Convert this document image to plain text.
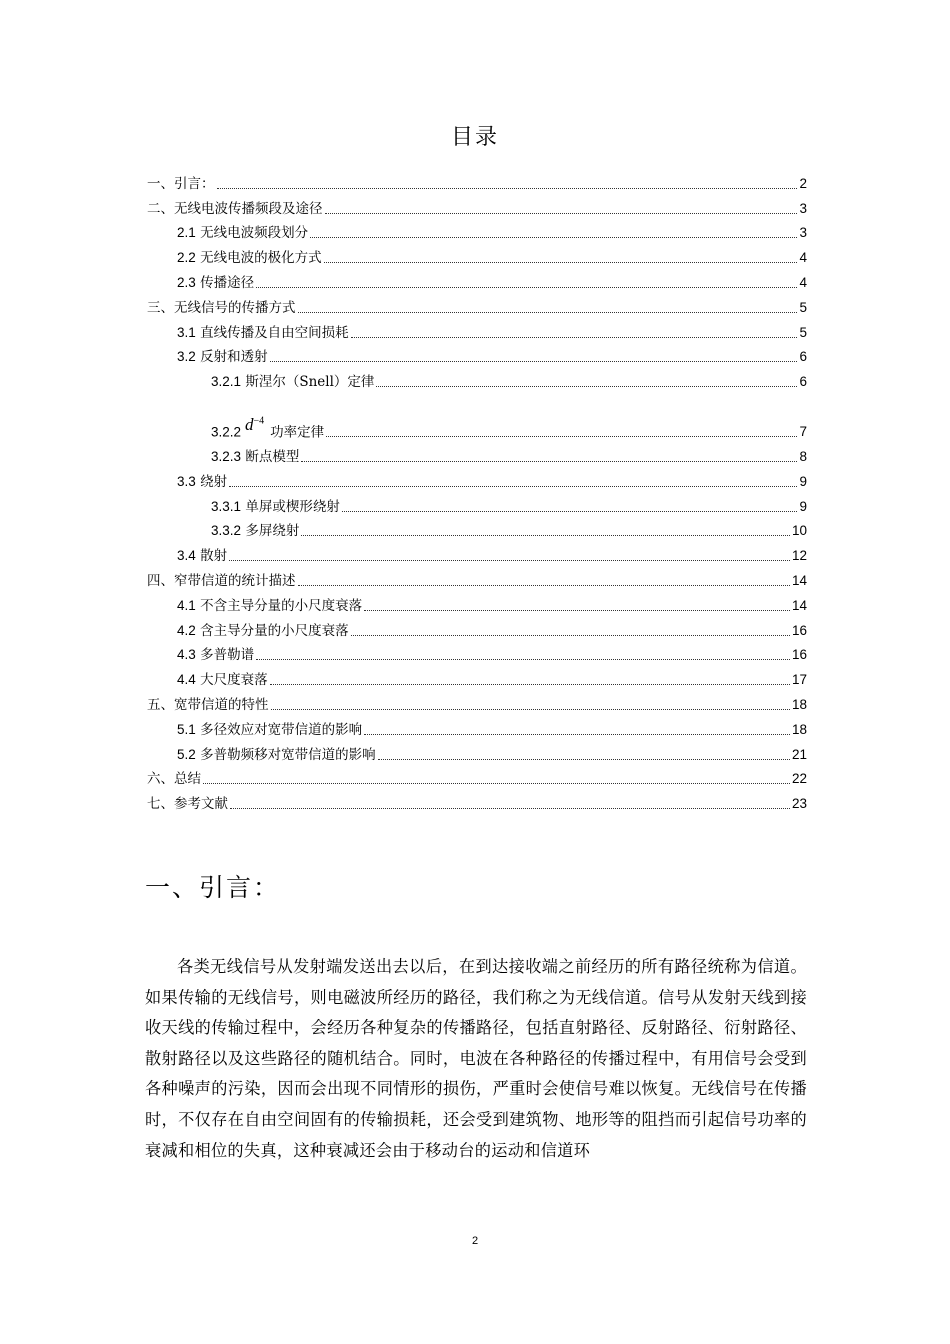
目录
一、引言：	2
二、无线电波传播频段及途径	3
2.1 无线电波频段划分	3
2.2 无线电波的极化方式	4
2.3 传播途径	4
三、无线信号的传播方式	5
3.1 直线传播及自由空间损耗	5
3.2 反射和透射	6
3.2.1 斯涅尔（Snell）定律	6
3.2.2 $d^{-4}$功率定律	7
3.2.3 断点模型	8
3.3 绕射	9
3.3.1 单屏或楔形绕射	9
3.3.2 多屏绕射	10
3.4 散射	12
四、窄带信道的统计描述	14
4.1 不含主导分量的小尺度衰落	14
4.2 含主导分量的小尺度衰落	16
4.3 多普勒谱	16
4.4 大尺度衰落	17
五、宽带信道的特性	18
5.1 多径效应对宽带信道的影响	18
5.2 多普勒频移对宽带信道的影响	21
六、总结	22
七、参考文献	23
一、引言：
各类无线信号从发射端发送出去以后，在到达接收端之前经历的所有路径统称为信道。如果传输的无线信号，则电磁波所经历的路径，我们称之为无线信道。信号从发射天线到接收天线的传输过程中，会经历各种复杂的传播路径，包括直射路径、反射路径、衍射路径、散射路径以及这些路径的随机结合。同时，电波在各种路径的传播过程中，有用信号会受到各种噪声的污染，因而会出现不同情形的损伤，严重时会使信号难以恢复。无线信号在传播时，不仅存在自由空间固有的传输损耗，还会受到建筑物、地形等的阻挡而引起信号功率的衰减和相位的失真，这种衰减还会由于移动台的运动和信道环
2
